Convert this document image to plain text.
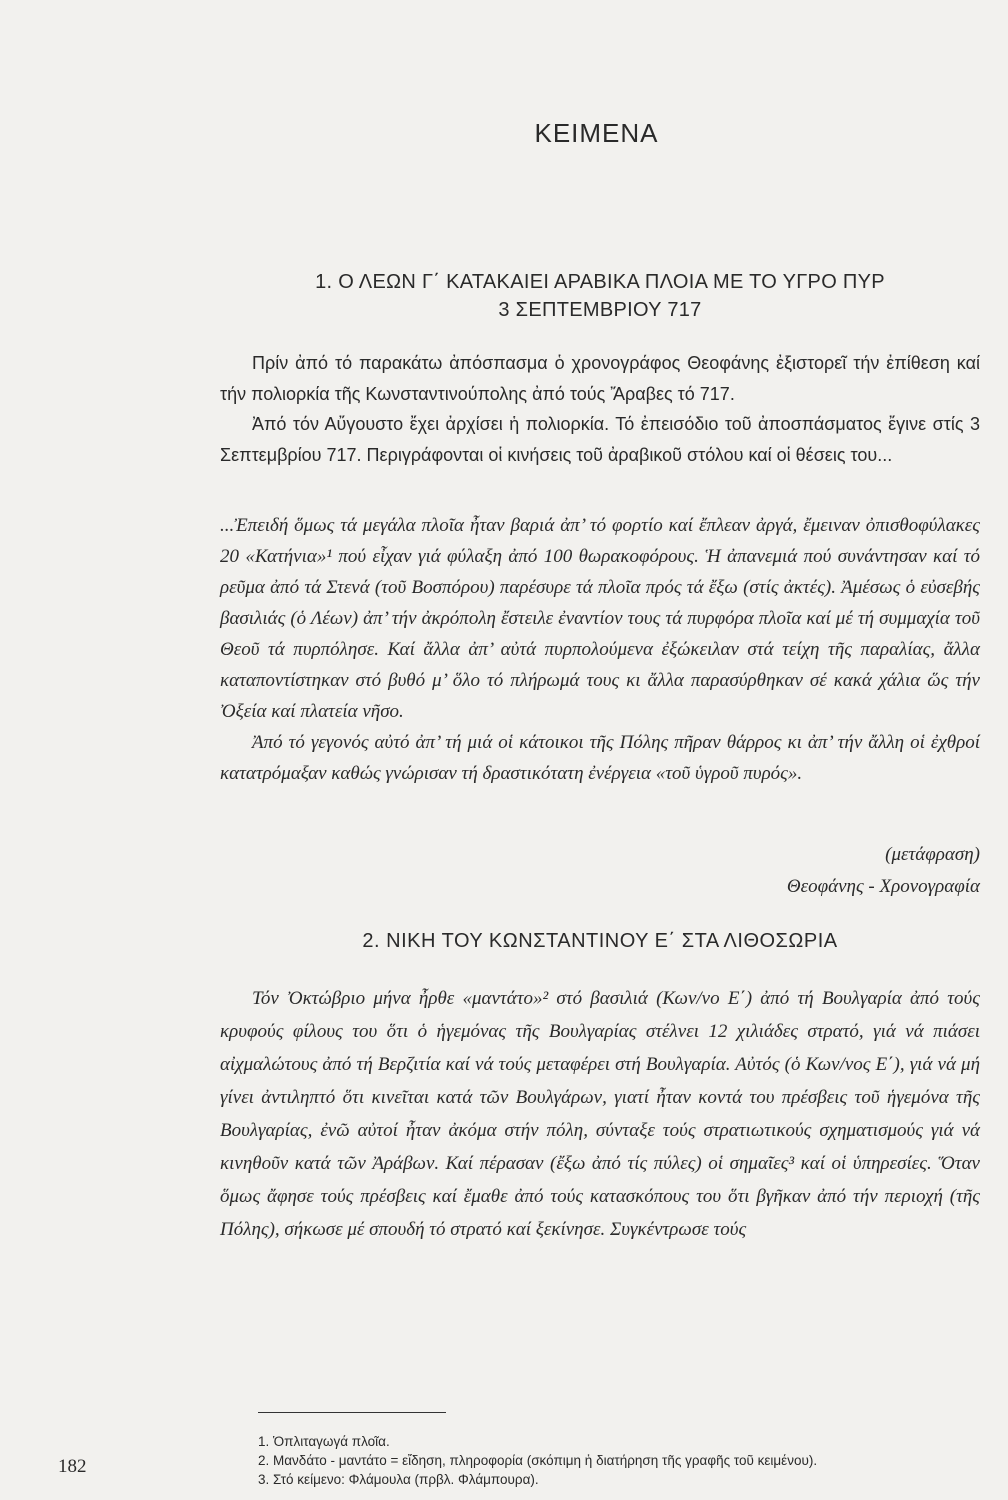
ΚΕΙΜΕΝΑ

1. Ο ΛΕΩΝ Γ΄ ΚΑΤΑΚΑΙΕΙ ΑΡΑΒΙΚΑ ΠΛΟΙΑ ΜΕ ΤΟ ΥΓΡΟ ΠΥΡ

3 ΣΕΠΤΕΜΒΡΙΟΥ 717

Πρίν ἀπό τό παρακάτω ἀπόσπασμα ὁ χρονογράφος Θεοφάνης ἐξιστορεῖ τήν ἐπίθεση καί τήν πολιορκία τῆς Κωνσταντινούπολης ἀπό τούς Ἄραβες τό 717.

Ἀπό τόν Αὔγουστο ἔχει ἀρχίσει ἡ πολιορκία. Τό ἐπεισόδιο τοῦ ἀποσπάσματος ἔγινε στίς 3 Σεπτεμβρίου 717. Περιγράφονται οἱ κινήσεις τοῦ ἀραβικοῦ στόλου καί οἱ θέσεις του...

...Ἐπειδή ὅμως τά μεγάλα πλοῖα ἦταν βαριά ἀπ’ τό φορτίο καί ἔπλεαν ἀργά, ἔμειναν ὀπισθοφύλακες 20 «Κατήνια»¹ πού εἶχαν γιά φύλαξη ἀπό 100 θωρακοφόρους. Ἡ ἀπανεμιά πού συνάντησαν καί τό ρεῦμα ἀπό τά Στενά (τοῦ Βοσπόρου) παρέσυρε τά πλοῖα πρός τά ἔξω (στίς ἀκτές). Ἀμέσως ὁ εὐσεβής βασιλιάς (ὁ Λέων) ἀπ’ τήν ἀκρόπολη ἔστειλε ἐναντίον τους τά πυρφόρα πλοῖα καί μέ τή συμμαχία τοῦ Θεοῦ τά πυρπόλησε. Καί ἄλλα ἀπ’ αὐτά πυρπολούμενα ἐξώκειλαν στά τείχη τῆς παραλίας, ἄλλα καταποντίστηκαν στό βυθό μ’ ὅλο τό πλήρωμά τους κι ἄλλα παρασύρθηκαν σέ κακά χάλια ὥς τήν Ὀξεία καί πλατεία νῆσο.

Ἀπό τό γεγονός αὐτό ἀπ’ τή μιά οἱ κάτοικοι τῆς Πόλης πῆραν θάρρος κι ἀπ’ τήν ἄλλη οἱ ἐχθροί κατατρόμαξαν καθώς γνώρισαν τή δραστικότατη ἐνέργεια «τοῦ ὑγροῦ πυρός».

(μετάφραση)
Θεοφάνης - Χρονογραφία
2. ΝΙΚΗ ΤΟΥ ΚΩΝΣΤΑΝΤΙΝΟΥ Ε΄ ΣΤΑ ΛΙΘΟΣΩΡΙΑ

Τόν Ὀκτώβριο μήνα ἦρθε «μαντάτο»² στό βασιλιά (Κων/νο Ε΄) ἀπό τή Βουλγαρία ἀπό τούς κρυφούς φίλους του ὅτι ὁ ἡγεμόνας τῆς Βουλγαρίας στέλνει 12 χιλιάδες στρατό, γιά νά πιάσει αἰχμαλώτους ἀπό τή Βερζιτία καί νά τούς μεταφέρει στή Βουλγαρία. Αὐτός (ὁ Κων/νος Ε΄), γιά νά μή γίνει ἀντιληπτό ὅτι κινεῖται κατά τῶν Βουλγάρων, γιατί ἦταν κοντά του πρέσβεις τοῦ ἡγεμόνα τῆς Βουλγαρίας, ἐνῶ αὐτοί ἦταν ἀκόμα στήν πόλη, σύνταξε τούς στρατιωτικούς σχηματισμούς γιά νά κινηθοῦν κατά τῶν Ἀράβων. Καί πέρασαν (ἔξω ἀπό τίς πύλες) οἱ σημαῖες³ καί οἱ ὑπηρεσίες. Ὅταν ὅμως ἄφησε τούς πρέσβεις καί ἔμαθε ἀπό τούς κατασκόπους του ὅτι βγῆκαν ἀπό τήν περιοχή (τῆς Πόλης), σήκωσε μέ σπουδή τό στρατό καί ξεκίνησε. Συγκέντρωσε τούς

1. Ὁπλιταγωγά πλοῖα.

2. Μανδάτο - μαντάτο = εἴδηση, πληροφορία (σκόπιμη ἡ διατήρηση τῆς γραφῆς τοῦ κειμένου).

3. Στό κείμενο: Φλάμουλα (πρβλ. Φλάμπουρα).

182
